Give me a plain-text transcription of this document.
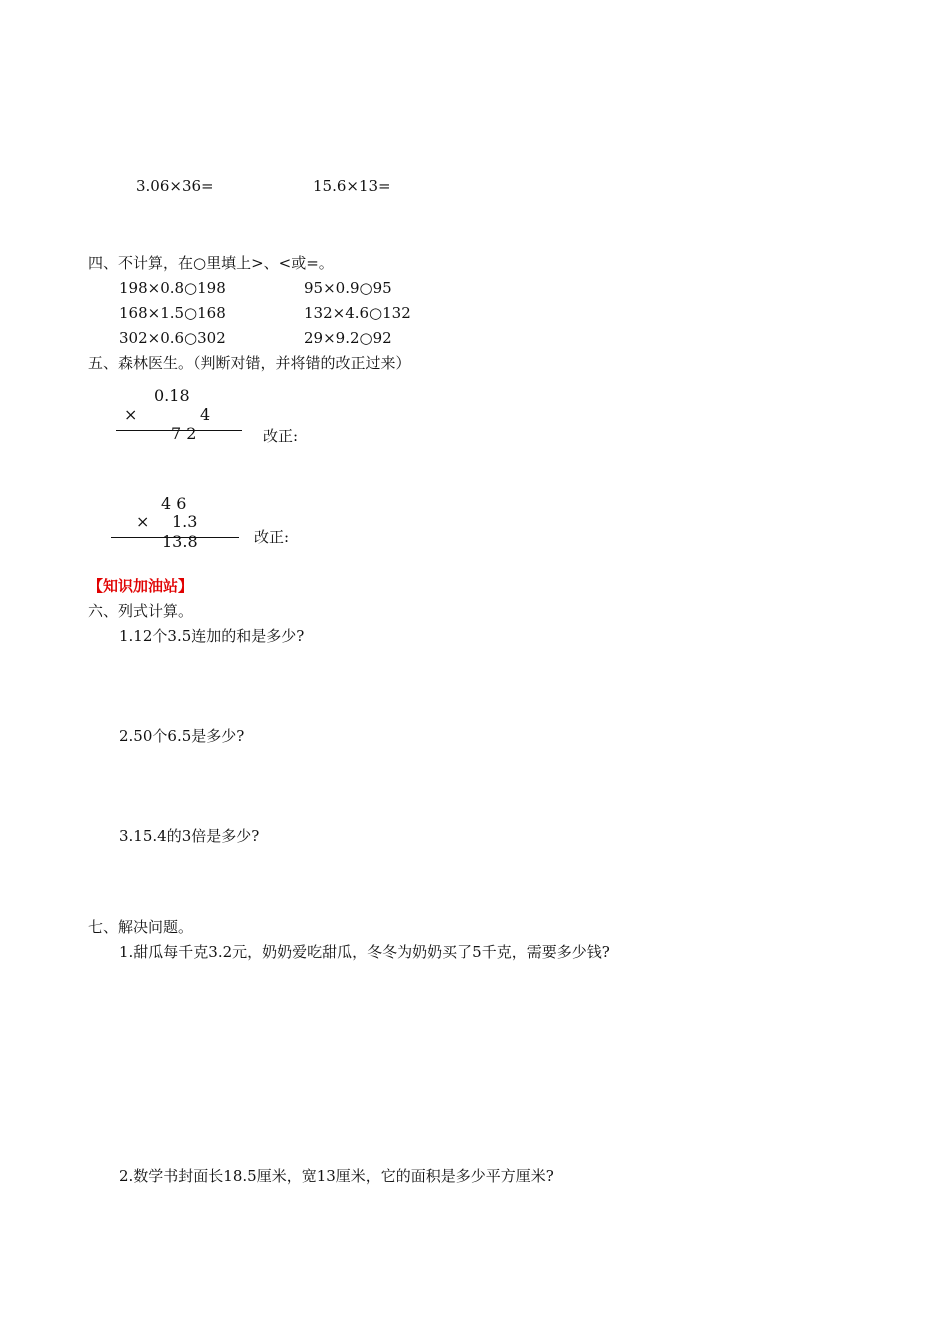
3.06×36=	15.6×13=
四、不计算，在○里填上>、<或=。
198×0.8○198	95×0.9○95
168×1.5○168	132×4.6○132
302×0.6○302	29×9.2○92
五、森林医生。（判断对错，并将错的改正过来）
0.18
×	4
7 2	改正:
4 6
× 1.3
13.8	改正:
【知识加油站】
六、列式计算。
1.12个3.5连加的和是多少?
2.50个6.5是多少?
3.15.4的3倍是多少?
七、解决问题。
1.甜瓜每千克3.2元，奶奶爱吃甜瓜，冬冬为奶奶买了5千克，需要多少钱?
2.数学书封面长18.5厘米，宽13厘米，它的面积是多少平方厘米?
